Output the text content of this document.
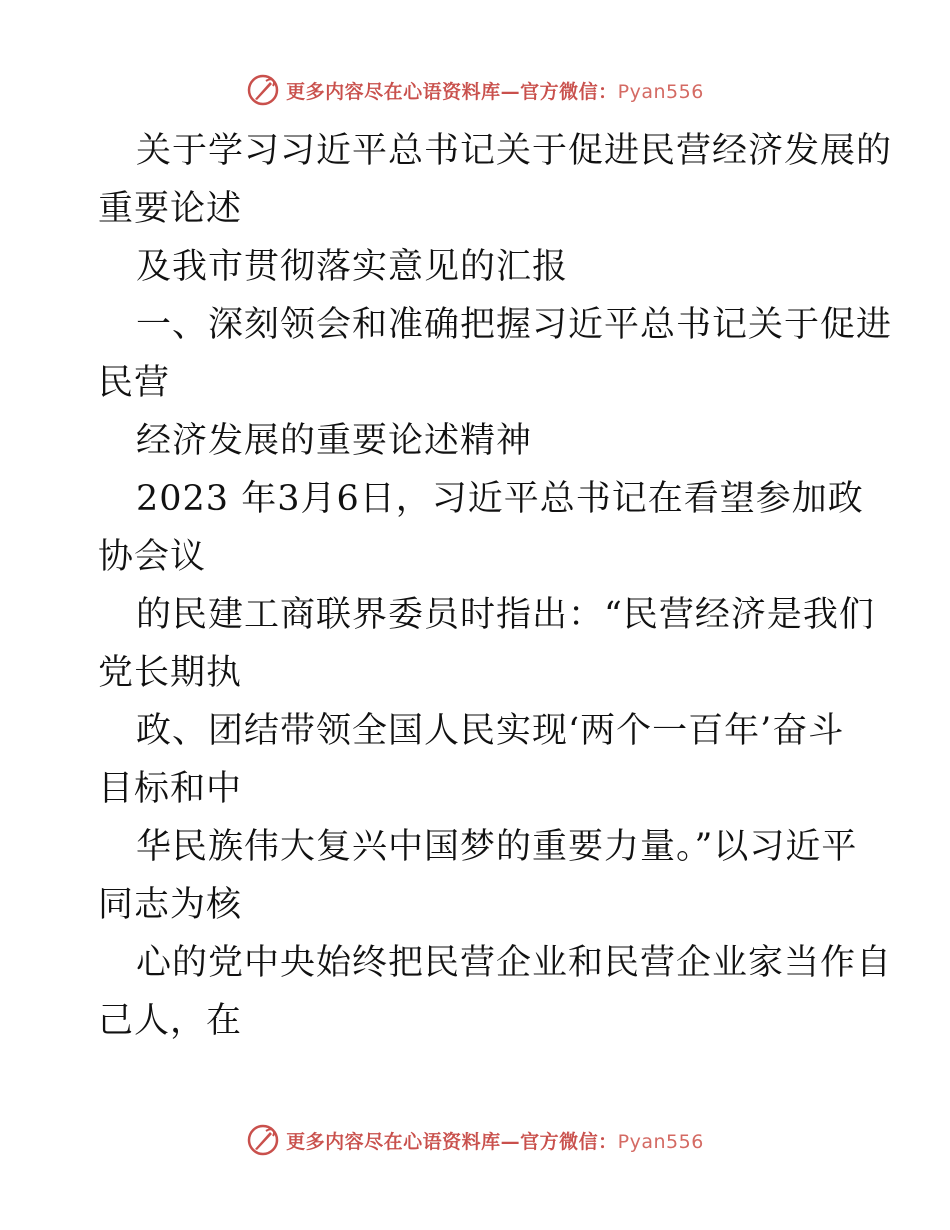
更多内容尽在心语资料库—官方微信：Pyan556
关于学习习近平总书记关于促进民营经济发展的
重要论述
及我市贯彻落实意见的汇报
一、深刻领会和准确把握习近平总书记关于促进
民营
经济发展的重要论述精神
2023 年3月6日，习近平总书记在看望参加政
协会议
的民建工商联界委员时指出：“民营经济是我们
党长期执
政、团结带领全国人民实现‘两个一百年’奋斗
目标和中
华民族伟大复兴中国梦的重要力量。”以习近平
同志为核
心的党中央始终把民营企业和民营企业家当作自
己人，在
更多内容尽在心语资料库—官方微信：Pyan556
